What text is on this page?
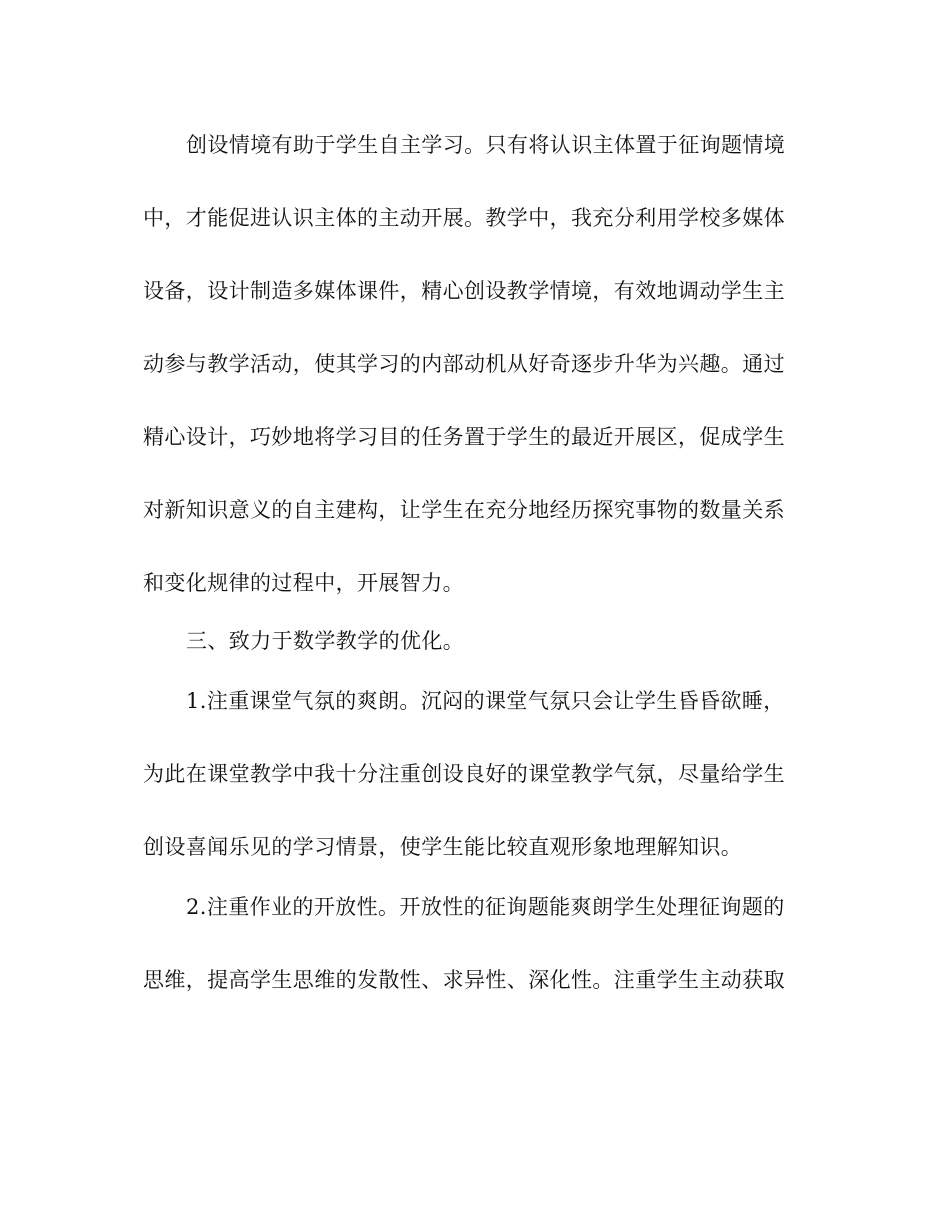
创设情境有助于学生自主学习。只有将认识主体置于征询题情境
中，才能促进认识主体的主动开展。教学中，我充分利用学校多媒体
设备，设计制造多媒体课件，精心创设教学情境，有效地调动学生主
动参与教学活动，使其学习的内部动机从好奇逐步升华为兴趣。通过
精心设计，巧妙地将学习目的任务置于学生的最近开展区，促成学生
对新知识意义的自主建构，让学生在充分地经历探究事物的数量关系
和变化规律的过程中，开展智力。
三、致力于数学教学的优化。
1.注重课堂气氛的爽朗。沉闷的课堂气氛只会让学生昏昏欲睡，
为此在课堂教学中我十分注重创设良好的课堂教学气氛，尽量给学生
创设喜闻乐见的学习情景，使学生能比较直观形象地理解知识。
2.注重作业的开放性。开放性的征询题能爽朗学生处理征询题的
思维，提高学生思维的发散性、求异性、深化性。注重学生主动获取
